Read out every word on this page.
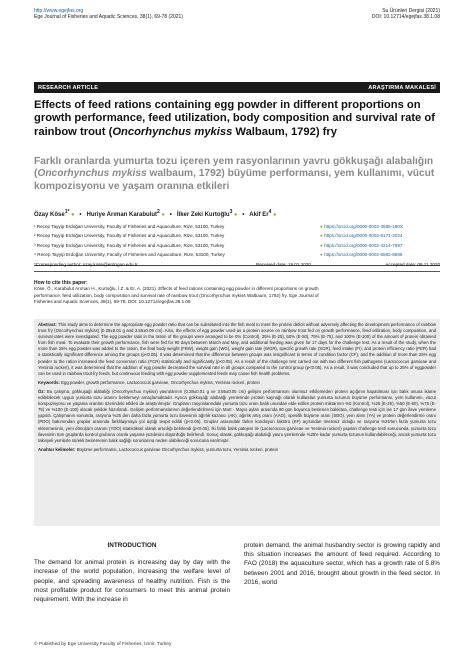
http://www.egejfas.org
Ege Journal of Fisheries and Aquatic Sciences, 38(1), 69-78 (2021)
Su Ürünleri Dergisi (2021)
DOI: 10.12714/egejfas.38.1.08
RESEARCH ARTICLE	ARAŞTIRMA MAKALESİ
Effects of feed rations containing egg powder in different proportions on growth performance, feed utilization, body composition and survival rate of rainbow trout (Oncorhynchus mykiss Walbaum, 1792) fry
Farklı oranlarda yumurta tozu içeren yem rasyonlarının yavru gökkuşağı alabalığın (Oncorhynchus mykiss walbaum, 1792) büyüme performansı, yem kullanımı, vücut kompozisyonu ve yaşam oranına etkileri
Özay Köse$^{1*}$ ●   •   Huriye Arıman Karabulut$^2$ ●   •   İlker Zeki Kurtoğlu$^3$ ●   •   Akif Er$^4$ ●
¹ Recep Tayyip Erdoğan University, Faculty of Fisheries and Aquaculture, Rize, 53100, Turkey
² Recep Tayyip Erdoğan University, Faculty of Fisheries and Aquaculture, Rize, 53100, Turkey
³ Recep Tayyip Erdoğan University, Faculty of Fisheries and Aquaculture, Rize, 53100, Turkey
⁴ Recep Tayyip Erdoğan University, Faculty of Fisheries and Aquaculture, Rize, 53100, Turkey
● https://orcid.org/0000-0002-3585-180X
● https://orcid.org/0000-0002-9171-2024
● https://orcid.org/0000-0002-4214-7997
● https://orcid.org/0000-0002-5582-8596
*Corresponding author: ozay.kose@erdogan.edu.tr	Received date: 19.02.2020	Accepted date: 09.11.2020
How to cite this paper:
Köse, Ö., Karabulut Arıman H., Kurtoğlu, İ.Z. & Er, A. (2021). Effects of feed rations containing egg powder in different proportions on growth performance, feed utilization, body composition and survival rate of rainbow trout (Oncorhynchus mykiss Walbaum, 1792) fry. Ege Journal of Fisheries and Aquatic Sciences, 38(1), 69-78. DOI: 10.12714/egejfas.38.1.08

Abstract: This study aims to determine the appropriate egg powder ratio that can be substituted into the fish meal to meet the protein deficit without adversely affecting the development performance of rainbow trout fry (Oncorhynchus mykiss) (0.38±0.01 g and 3.55±0.05 cm). Also, the effects of egg powder used as a protein source on rainbow trout fed on growth performance, feed utilization, body composition, and survival rates were investigated. The egg powder ratio in the ration of the groups were arranged to be 0% (Control), 25% (E-25), 50% (E-50), 75% (E-75), and 100% (E-100) of the amount of protein obtained from fish meal. To evaluate their growth performance, fish were fed for 90 days between March and May, and additional feeding was given for 17 days for the challenge test. As a result of the study, when the more than 25% egg powder was added to the ration, the final body weight (FBW), weight gain (WG), weight gain rate (WGR), specific growth rate (SGR), feed intake (FI), and protein efficiency ratio (PER) had a statistically significant difference among the groups (p<0.05). It was determined that the difference between groups was insignificant in terms of condition factor (CF), and the addition of more than 25% egg powder to the ration increased the feed conversion ratio (FCR) statistically and significantly (p<0.05). As a result of the challenge test carried out with two different fish pathogens (Lactococcus garvieae and Yersinia ruckeri), it was determined that the addition of egg powder decreased the survival rate in all groups compared to the control group (p<0.05). As a result, it was concluded that up to 25% of eggpowder can be used in rainbow trout fry feeds, but continuous feeding with egg powder supplemented feeds may cause fish health problems.

Keywords: Egg powder, growth performance, Lactococcus garvieae, Oncorhynchus mykiss, Yersinia ruckeri, protein

Öz: Bu çalışma, gökkuşağı alabalığı (Oncorhynchus mykiss) yavrularının (0.38±0.01 g ve 3.55±0.05 cm) gelişim performansını olumsuz etkilemeden protein açığının kapatılması için balık ununa ikame edilebilecek uygun yumurta tozu oranını belirlemeyi amaçlamaktadır. Ayrıca gökkuşağı alabalığı yemlerinde protein kaynağı olarak kullanılan yumurta tozunun büyüme performansı, yem kullanımı, vücut kompozisyonu ve yaşama oranları üzerindeki etkileri de araştırılmıştır. Grupların rasyonlarındaki yumurta tozu oranı balık unundan elde edilen protein miktarının %0 (Kontrol), %25 (E-25), %50 (E-50), %75 (E-75) ve %100 (E-100) olacak şekilde hazırlandı. Gelişim performanslarının değerlendirilmesi için Mart - Mayıs ayları arasında 90 gün boyunca beslenen balıklara, challenge testi için ise 17 gün ilave yemleme yapıldı. Çalışmanın sonunda, rasyona %25 den daha fazla yumurta tozu ilavesinin ağırlık kazancı (AK), ağırlık artış oranı (AAO), spesifik büyüme oranı (SBO), yem alımı (YA) ve protein değerlendirme oranı (PDO) bakımından gruplar arasında farklılaşmaya yol açtığı tespit edildi (p<0.05). Gruplar arasındaki farkın kondisyon faktörü (KF) açısından önemsiz olduğu ve rasyona %25'ten fazla yumurta tozu eklenmesinin, yem dönüşüm oranını (YDO) istatistiksel olarak artırdığı belirlendi (p<0.05). İki farklı balık patojeni ile (Lactococcus garvieae ve Yersinia ruckeri) yapılan challenge testi sonucunda, yumurta tozu ilavesinin tüm gruplarda kontrol grubuna oranla yaşama yüzdesini düşürdüğü belirlendi. Sonuç olarak, gökkuşağı alabalığı yavru yemlerinde %25'e kadar yumurta tozunun kullanılabileceği, ancak yumurta tozu takviyeli yemlerle sürekli beslemenin balık sağlığı sorunlarına neden olabileceği sonucuna varılmıştır.

Anahtar kelimeler: Büyüme performansı, Lactococcus garvieae Oncorhynchus mykiss, yumurta tozu, Yersinia ruckeri, protein

INTRODUCTION
The demand for animal protein is increasing day by day with the increase of the world population, increasing the welfare level of people, and spreading awareness of healthy nutrition. Fish is the most profitable product for consumers to meet this animal protein requirement. With the increase in
protein demand, the animal husbandry sector is growing rapidly and this situation increases the amount of feed required. According to FAO (2018) the aquaculture sector, which has a growth rate of 5.8% between 2001 and 2016, brought about growth in the feed sector. In 2016, world
© Published by Ege University Faculty of Fisheries, İzmir, Turkey
